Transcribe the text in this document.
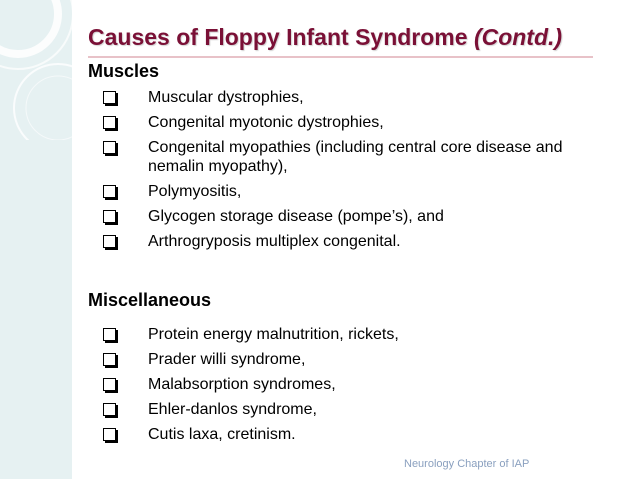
Causes of Floppy Infant Syndrome (Contd.)
Muscles
Muscular dystrophies,
Congenital myotonic dystrophies,
Congenital myopathies (including central core disease and nemalin myopathy),
Polymyositis,
Glycogen storage disease (pompe’s), and
Arthrogryposis multiplex congenital.
Miscellaneous
Protein energy malnutrition, rickets,
Prader willi syndrome,
Malabsorption syndromes,
Ehler-danlos syndrome,
Cutis laxa, cretinism.
Neurology Chapter of IAP
